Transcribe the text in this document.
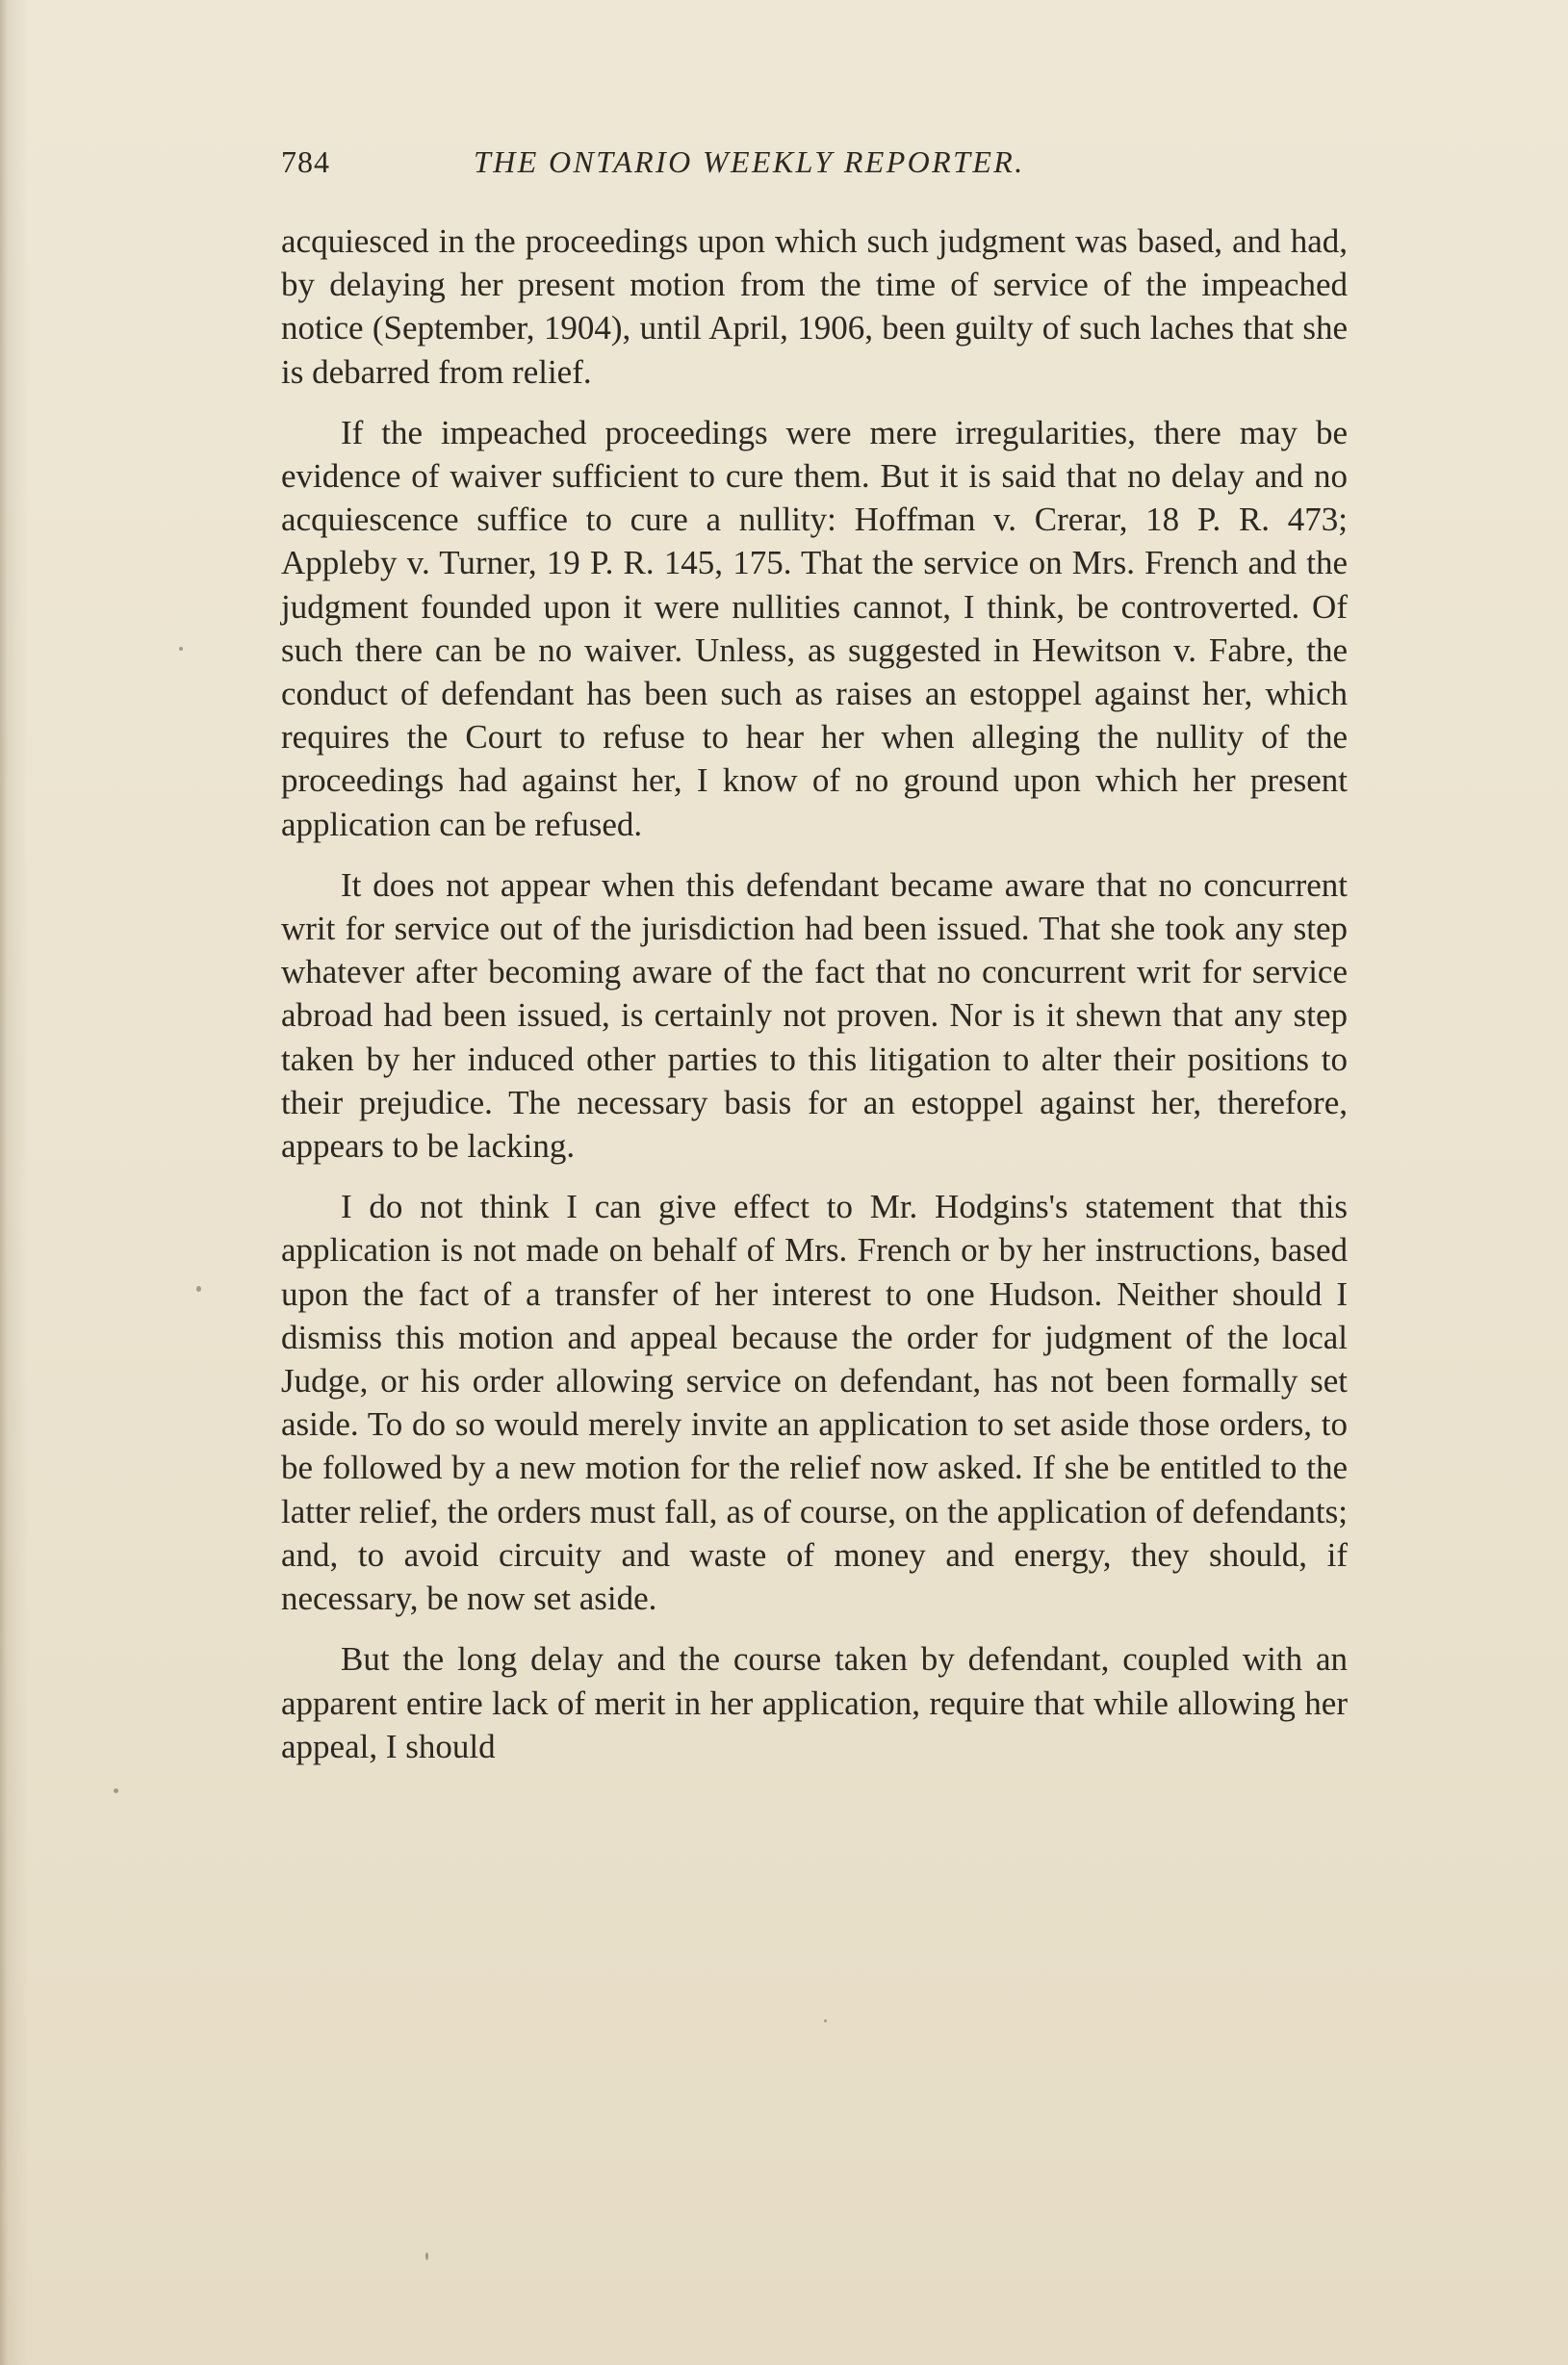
784	THE ONTARIO WEEKLY REPORTER.

acquiesced in the proceedings upon which such judgment was based, and had, by delaying her present motion from the time of service of the impeached notice (September, 1904), until April, 1906, been guilty of such laches that she is debarred from relief.

If the impeached proceedings were mere irregularities, there may be evidence of waiver sufficient to cure them. But it is said that no delay and no acquiescence suffice to cure a nullity: Hoffman v. Crerar, 18 P. R. 473; Appleby v. Turner, 19 P. R. 145, 175. That the service on Mrs. French and the judgment founded upon it were nullities cannot, I think, be controverted. Of such there can be no waiver. Unless, as suggested in Hewitson v. Fabre, the conduct of defendant has been such as raises an estoppel against her, which requires the Court to refuse to hear her when alleging the nullity of the proceedings had against her, I know of no ground upon which her present application can be refused.

It does not appear when this defendant became aware that no concurrent writ for service out of the jurisdiction had been issued. That she took any step whatever after becoming aware of the fact that no concurrent writ for service abroad had been issued, is certainly not proven. Nor is it shewn that any step taken by her induced other parties to this litigation to alter their positions to their prejudice. The necessary basis for an estoppel against her, therefore, appears to be lacking.

I do not think I can give effect to Mr. Hodgins's statement that this application is not made on behalf of Mrs. French or by her instructions, based upon the fact of a transfer of her interest to one Hudson. Neither should I dismiss this motion and appeal because the order for judgment of the local Judge, or his order allowing service on defendant, has not been formally set aside. To do so would merely invite an application to set aside those orders, to be followed by a new motion for the relief now asked. If she be entitled to the latter relief, the orders must fall, as of course, on the application of defendants; and, to avoid circuity and waste of money and energy, they should, if necessary, be now set aside.

But the long delay and the course taken by defendant, coupled with an apparent entire lack of merit in her application, require that while allowing her appeal, I should
